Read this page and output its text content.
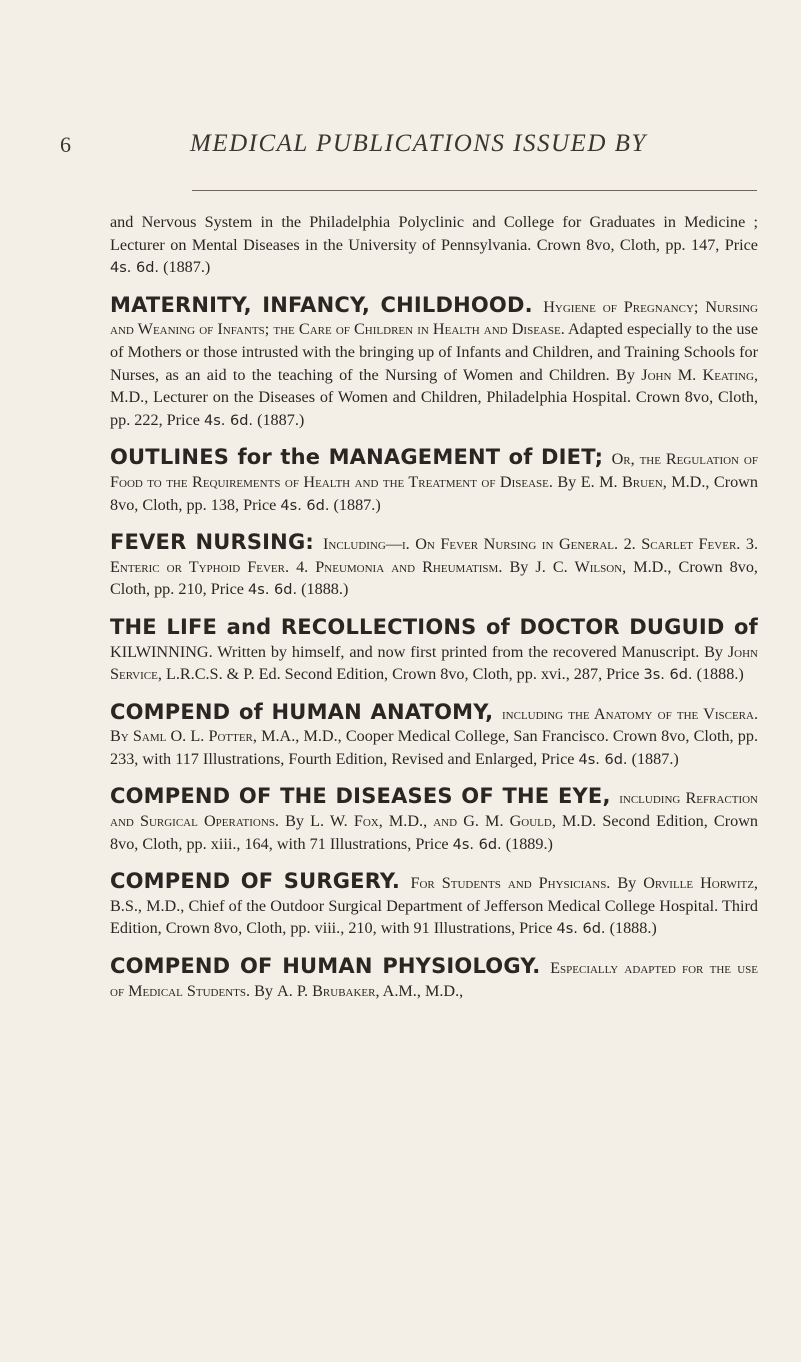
6	MEDICAL PUBLICATIONS ISSUED BY

and Nervous System in the Philadelphia Polyclinic and College for Graduates in Medicine ; Lecturer on Mental Diseases in the University of Pennsylvania. Crown 8vo, Cloth, pp. 147, Price 4s. 6d. (1887.)

MATERNITY, INFANCY, CHILDHOOD. Hygiene of Pregnancy; Nursing and Weaning of Infants; the Care of Children in Health and Disease. Adapted especially to the use of Mothers or those intrusted with the bringing up of Infants and Children, and Training Schools for Nurses, as an aid to the teaching of the Nursing of Women and Children. By John M. Keating, M.D., Lecturer on the Diseases of Women and Children, Philadelphia Hospital. Crown 8vo, Cloth, pp. 222, Price 4s. 6d. (1887.)

OUTLINES for the MANAGEMENT of DIET; Or, the Regulation of Food to the Requirements of Health and the Treatment of Disease. By E. M. Bruen, M.D., Crown 8vo, Cloth, pp. 138, Price 4s. 6d. (1887.)

FEVER NURSING: Including—i. On Fever Nursing in General. 2. Scarlet Fever. 3. Enteric or Typhoid Fever. 4. Pneumonia and Rheumatism. By J. C. Wilson, M.D., Crown 8vo, Cloth, pp. 210, Price 4s. 6d. (1888.)

THE LIFE and RECOLLECTIONS of DOCTOR DUGUID of KILWINNING. Written by himself, and now first printed from the recovered Manuscript. By John Service, L.R.C.S. & P. Ed. Second Edition, Crown 8vo, Cloth, pp. xvi., 287, Price 3s. 6d. (1888.)

COMPEND of HUMAN ANATOMY, including the Anatomy of the Viscera. By Saml O. L. Potter, M.A., M.D., Cooper Medical College, San Francisco. Crown 8vo, Cloth, pp. 233, with 117 Illustrations, Fourth Edition, Revised and Enlarged, Price 4s. 6d. (1887.)

COMPEND OF THE DISEASES OF THE EYE, including Refraction and Surgical Operations. By L. W. Fox, M.D., and G. M. Gould, M.D. Second Edition, Crown 8vo, Cloth, pp. xiii., 164, with 71 Illustrations, Price 4s. 6d. (1889.)

COMPEND OF SURGERY. For Students and Physicians. By Orville Horwitz, B.S., M.D., Chief of the Outdoor Surgical Department of Jefferson Medical College Hospital. Third Edition, Crown 8vo, Cloth, pp. viii., 210, with 91 Illustrations, Price 4s. 6d. (1888.)

COMPEND OF HUMAN PHYSIOLOGY. Especially adapted for the use of Medical Students. By A. P. Brubaker, A.M., M.D.,
